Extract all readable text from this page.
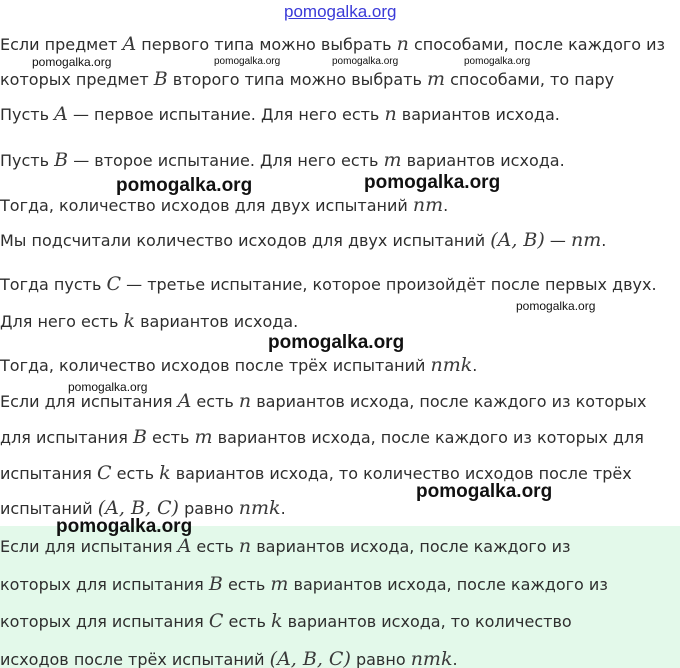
Если предмет A первого типа можно выбрать n способами, после каждого из
которых предмет B второго типа можно выбрать m способами, то пару
Пусть A — первое испытание. Для него есть n вариантов исхода.
Пусть B — второе испытание. Для него есть m вариантов исхода.
Тогда, количество исходов для двух испытаний nm.
Мы подсчитали количество исходов для двух испытаний (A, B) — nm.
Тогда пусть C — третье испытание, которое произойдёт после первых двух.
Для него есть k вариантов исхода.
Тогда, количество исходов после трёх испытаний nmk.
Если для испытания A есть n вариантов исхода, после каждого из которых
для испытания B есть m вариантов исхода, после каждого из которых для
испытания C есть k вариантов исхода, то количество исходов после трёх
испытаний (A, B, C) равно nmk.
Если для испытания A есть n вариантов исхода, после каждого из
которых для испытания B есть m вариантов исхода, после каждого из
которых для испытания C есть k вариантов исхода, то количество
исходов после трёх испытаний (A, B, C) равно nmk.
pomogalka.org
pomogalka.org	pomogalka.org	pomogalka.org	pomogalka.org
pomogalka.org	pomogalka.org
pomogalka.org
pomogalka.org
pomogalka.org
pomogalka.org
pomogalka.org
